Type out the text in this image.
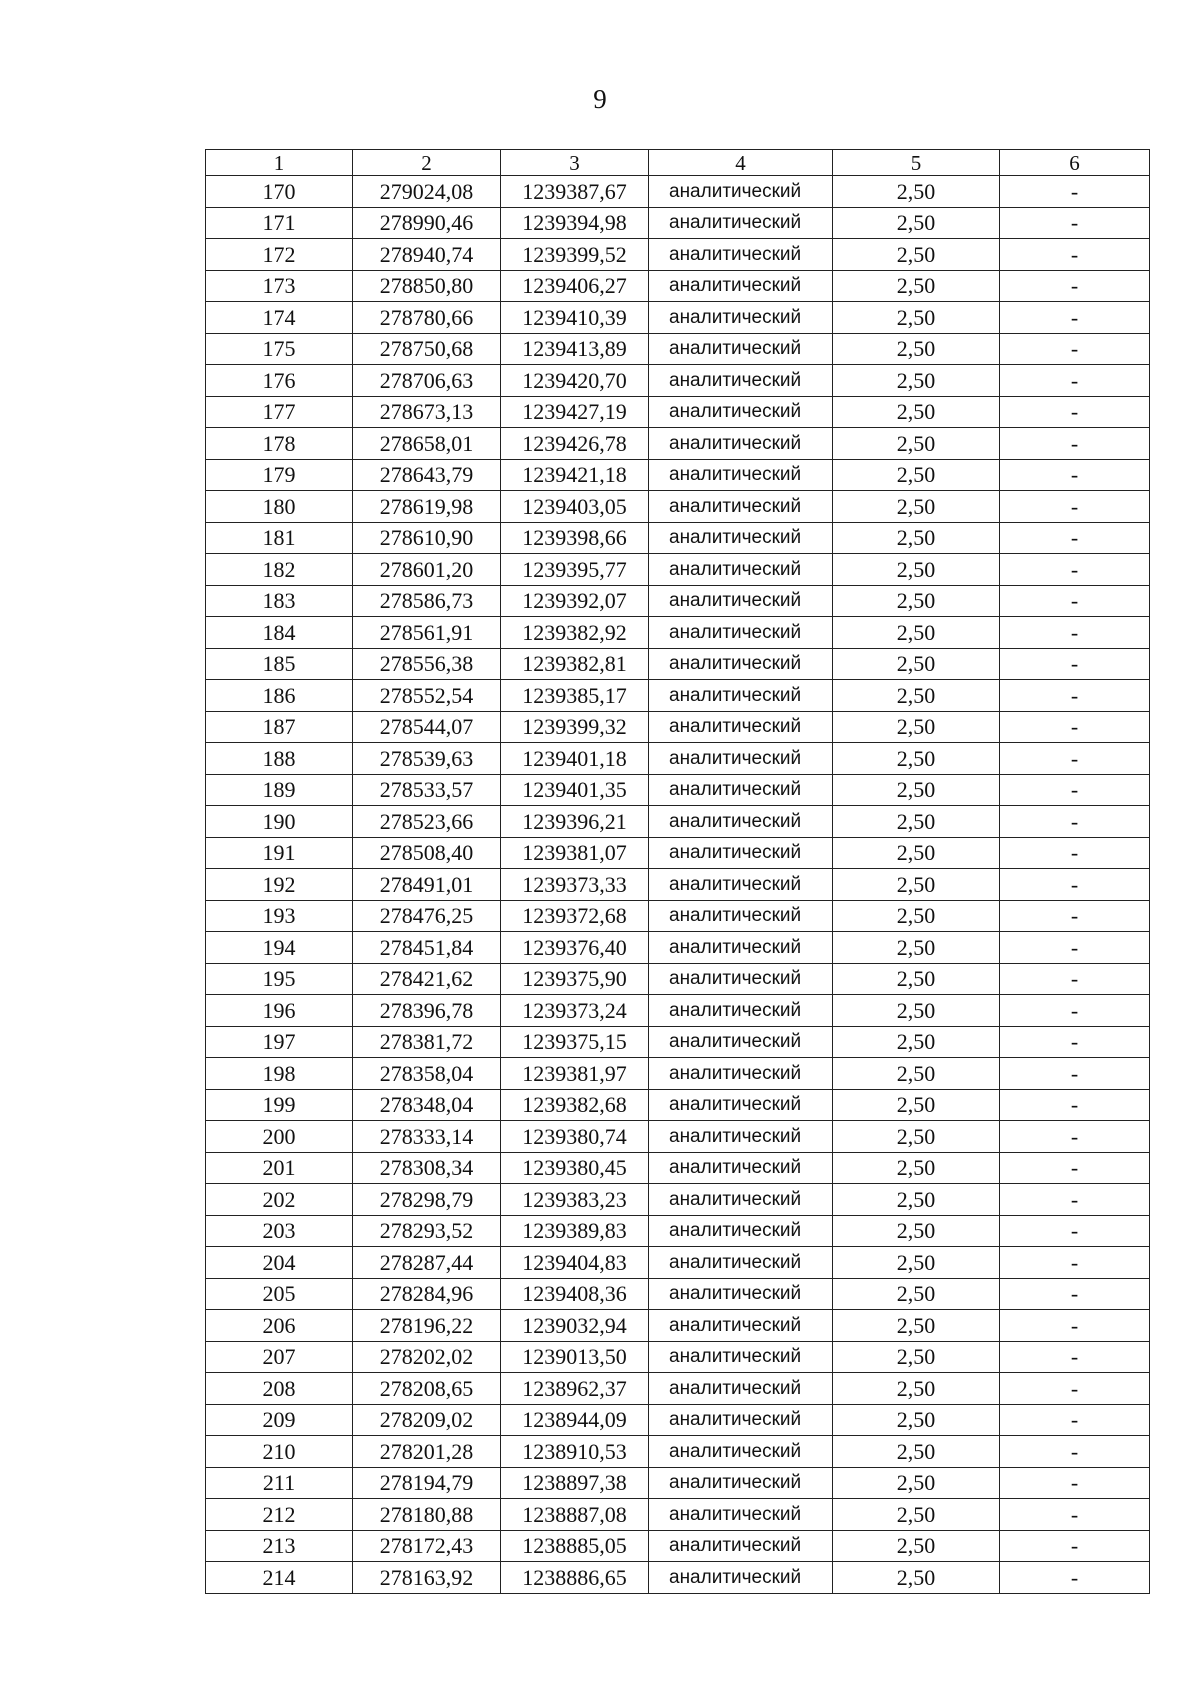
9
1	2	3	4	5	6
170	279024,08	1239387,67	аналитический	2,50	-
171	278990,46	1239394,98	аналитический	2,50	-
172	278940,74	1239399,52	аналитический	2,50	-
173	278850,80	1239406,27	аналитический	2,50	-
174	278780,66	1239410,39	аналитический	2,50	-
175	278750,68	1239413,89	аналитический	2,50	-
176	278706,63	1239420,70	аналитический	2,50	-
177	278673,13	1239427,19	аналитический	2,50	-
178	278658,01	1239426,78	аналитический	2,50	-
179	278643,79	1239421,18	аналитический	2,50	-
180	278619,98	1239403,05	аналитический	2,50	-
181	278610,90	1239398,66	аналитический	2,50	-
182	278601,20	1239395,77	аналитический	2,50	-
183	278586,73	1239392,07	аналитический	2,50	-
184	278561,91	1239382,92	аналитический	2,50	-
185	278556,38	1239382,81	аналитический	2,50	-
186	278552,54	1239385,17	аналитический	2,50	-
187	278544,07	1239399,32	аналитический	2,50	-
188	278539,63	1239401,18	аналитический	2,50	-
189	278533,57	1239401,35	аналитический	2,50	-
190	278523,66	1239396,21	аналитический	2,50	-
191	278508,40	1239381,07	аналитический	2,50	-
192	278491,01	1239373,33	аналитический	2,50	-
193	278476,25	1239372,68	аналитический	2,50	-
194	278451,84	1239376,40	аналитический	2,50	-
195	278421,62	1239375,90	аналитический	2,50	-
196	278396,78	1239373,24	аналитический	2,50	-
197	278381,72	1239375,15	аналитический	2,50	-
198	278358,04	1239381,97	аналитический	2,50	-
199	278348,04	1239382,68	аналитический	2,50	-
200	278333,14	1239380,74	аналитический	2,50	-
201	278308,34	1239380,45	аналитический	2,50	-
202	278298,79	1239383,23	аналитический	2,50	-
203	278293,52	1239389,83	аналитический	2,50	-
204	278287,44	1239404,83	аналитический	2,50	-
205	278284,96	1239408,36	аналитический	2,50	-
206	278196,22	1239032,94	аналитический	2,50	-
207	278202,02	1239013,50	аналитический	2,50	-
208	278208,65	1238962,37	аналитический	2,50	-
209	278209,02	1238944,09	аналитический	2,50	-
210	278201,28	1238910,53	аналитический	2,50	-
211	278194,79	1238897,38	аналитический	2,50	-
212	278180,88	1238887,08	аналитический	2,50	-
213	278172,43	1238885,05	аналитический	2,50	-
214	278163,92	1238886,65	аналитический	2,50	-
